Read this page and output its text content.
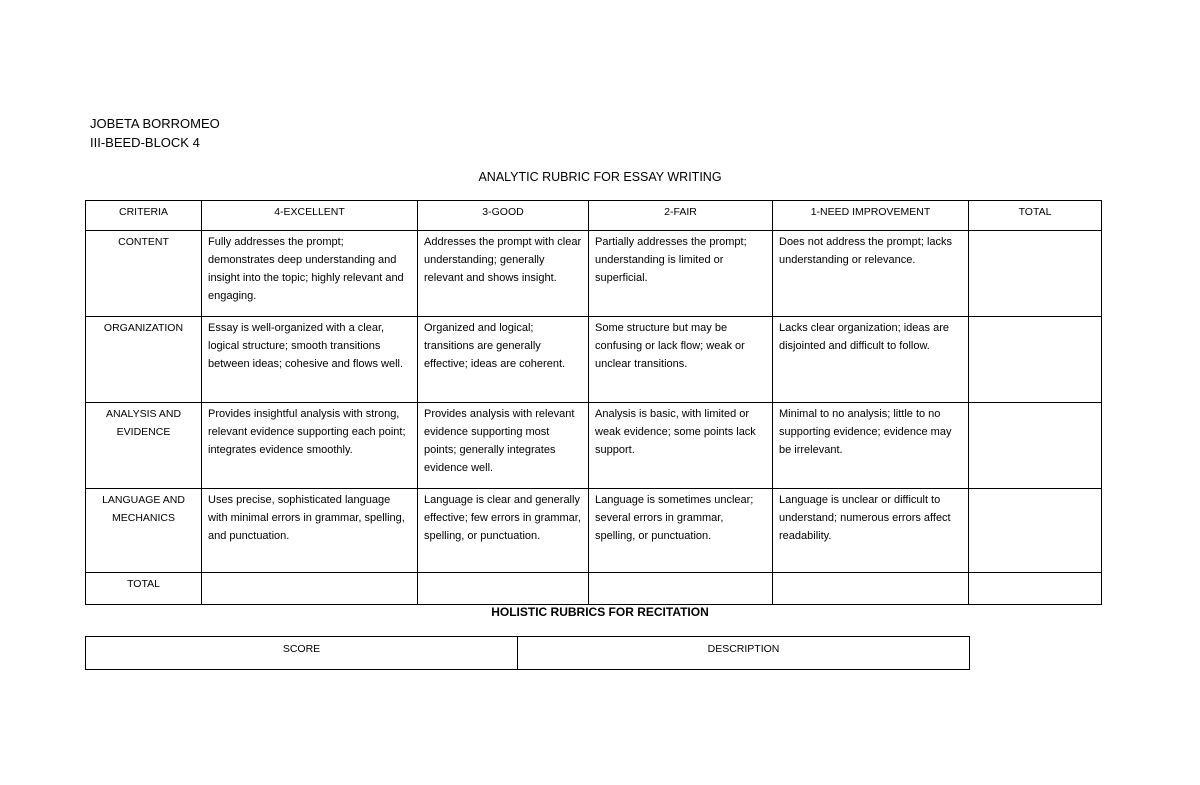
JOBETA BORROMEO
III-BEED-BLOCK 4
ANALYTIC RUBRIC FOR ESSAY WRITING
CRITERIA	4-EXCELLENT	3-GOOD	2-FAIR	1-NEED IMPROVEMENT	TOTAL
CONTENT	Fully addresses the prompt; demonstrates deep understanding and insight into the topic; highly relevant and engaging.	Addresses the prompt with clear understanding; generally relevant and shows insight.	Partially addresses the prompt; understanding is limited or superficial.	Does not address the prompt; lacks understanding or relevance.	
ORGANIZATION	Essay is well-organized with a clear, logical structure; smooth transitions between ideas; cohesive and flows well.	Organized and logical; transitions are generally effective; ideas are coherent.	Some structure but may be confusing or lack flow; weak or unclear transitions.	Lacks clear organization; ideas are disjointed and difficult to follow.	
ANALYSIS AND EVIDENCE	Provides insightful analysis with strong, relevant evidence supporting each point; integrates evidence smoothly.	Provides analysis with relevant evidence supporting most points; generally integrates evidence well.	Analysis is basic, with limited or weak evidence; some points lack support.	Minimal to no analysis; little to no supporting evidence; evidence may be irrelevant.	
LANGUAGE AND MECHANICS	Uses precise, sophisticated language with minimal errors in grammar, spelling, and punctuation.	Language is clear and generally effective; few errors in grammar, spelling, or punctuation.	Language is sometimes unclear; several errors in grammar, spelling, or punctuation.	Language is unclear or difficult to understand; numerous errors affect readability.	
TOTAL					
HOLISTIC RUBRICS FOR RECITATION
SCORE	DESCRIPTION
